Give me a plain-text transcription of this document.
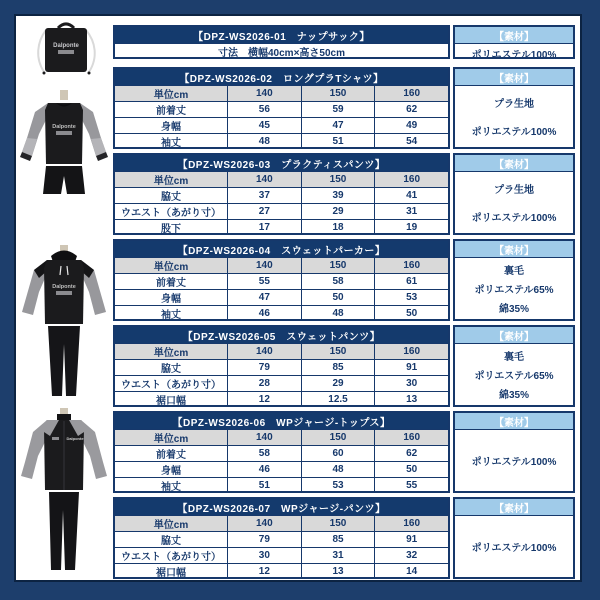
Dalponte
Dalponte
Dalponte
Dalponte
【DPZ-WS2026-01　ナップサック】
寸法　横幅40cm×高さ50cm
【素材】
ポリエステル100%
【DPZ-WS2026-02　ロングプラTシャツ】
単位cm	140	150	160
前着丈	56	59	62
身幅	45	47	49
袖丈	48	51	54
【素材】
プラ生地
ポリエステル100%
【DPZ-WS2026-03　プラクティスパンツ】
単位cm	140	150	160
脇丈	37	39	41
ウエスト（あがり寸）	27	29	31
股下	17	18	19
【素材】
プラ生地
ポリエステル100%
【DPZ-WS2026-04　スウェットパーカー】
単位cm	140	150	160
前着丈	55	58	61
身幅	47	50	53
袖丈	46	48	50
【素材】
裏毛
ポリエステル65%
綿35%
【DPZ-WS2026-05　スウェットパンツ】
単位cm	140	150	160
脇丈	79	85	91
ウエスト（あがり寸）	28	29	30
裾口幅	12	12.5	13
【素材】
裏毛
ポリエステル65%
綿35%
【DPZ-WS2026-06　WPジャージ-トップス】
単位cm	140	150	160
前着丈	58	60	62
身幅	46	48	50
袖丈	51	53	55
【素材】
ポリエステル100%
【DPZ-WS2026-07　WPジャージ-パンツ】
単位cm	140	150	160
脇丈	79	85	91
ウエスト（あがり寸）	30	31	32
裾口幅	12	13	14
【素材】
ポリエステル100%
